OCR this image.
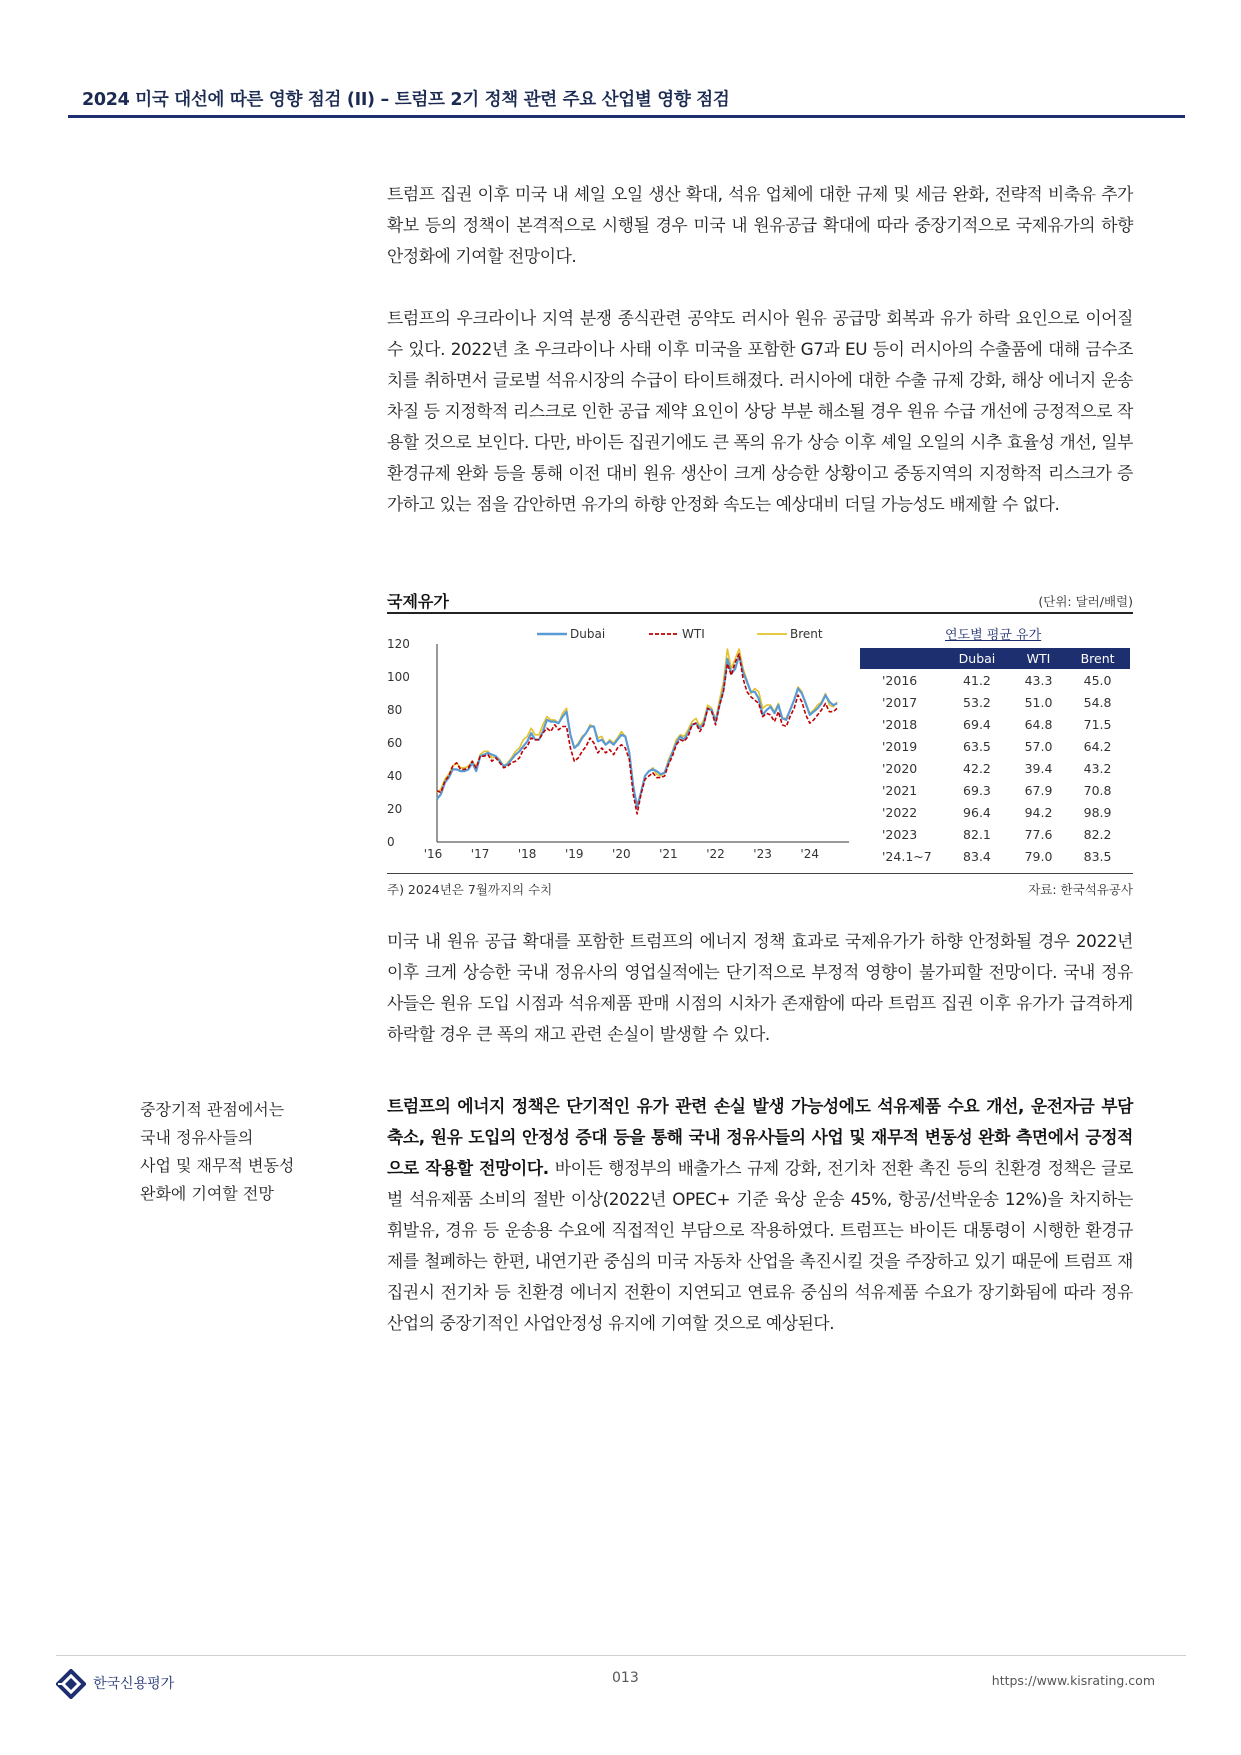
2024 미국 대선에 따른 영향 점검 (II) – 트럼프 2기 정책 관련 주요 산업별 영향 점검

트럼프 집권 이후 미국 내 셰일 오일 생산 확대, 석유 업체에 대한 규제 및 세금 완화, 전략적 비축유 추가 확보 등의 정책이 본격적으로 시행될 경우 미국 내 원유공급 확대에 따라 중장기적으로 국제유가의 하향 안정화에 기여할 전망이다.

트럼프의 우크라이나 지역 분쟁 종식관련 공약도 러시아 원유 공급망 회복과 유가 하락 요인으로 이어질 수 있다. 2022년 초 우크라이나 사태 이후 미국을 포함한 G7과 EU 등이 러시아의 수출품에 대해 금수조치를 취하면서 글로벌 석유시장의 수급이 타이트해졌다. 러시아에 대한 수출 규제 강화, 해상 에너지 운송 차질 등 지정학적 리스크로 인한 공급 제약 요인이 상당 부분 해소될 경우 원유 수급 개선에 긍정적으로 작용할 것으로 보인다. 다만, 바이든 집권기에도 큰 폭의 유가 상승 이후 셰일 오일의 시추 효율성 개선, 일부 환경규제 완화 등을 통해 이전 대비 원유 생산이 크게 상승한 상황이고 중동지역의 지정학적 리스크가 증가하고 있는 점을 감안하면 유가의 하향 안정화 속도는 예상대비 더딜 가능성도 배제할 수 없다.

국제유가	(단위: 달러/배럴)
0
20
40
60
80
100
120
'16 '17 '18 '19 '20 '21 '22 '23 '24
Dubai	WTI	Brent	연도별 평균 유가
	Dubai	WTI	Brent
'2016	41.2	43.3	45.0
'2017	53.2	51.0	54.8
'2018	69.4	64.8	71.5
'2019	63.5	57.0	64.2
'2020	42.2	39.4	43.2
'2021	69.3	67.9	70.8
'2022	96.4	94.2	98.9
'2023	82.1	77.6	82.2
'24.1~7	83.4	79.0	83.5
주) 2024년은 7월까지의 수치	자료: 한국석유공사

미국 내 원유 공급 확대를 포함한 트럼프의 에너지 정책 효과로 국제유가가 하향 안정화될 경우 2022년 이후 크게 상승한 국내 정유사의 영업실적에는 단기적으로 부정적 영향이 불가피할 전망이다. 국내 정유사들은 원유 도입 시점과 석유제품 판매 시점의 시차가 존재함에 따라 트럼프 집권 이후 유가가 급격하게 하락할 경우 큰 폭의 재고 관련 손실이 발생할 수 있다.

중장기적 관점에서는
국내 정유사들의
사업 및 재무적 변동성
완화에 기여할 전망

트럼프의 에너지 정책은 단기적인 유가 관련 손실 발생 가능성에도 석유제품 수요 개선, 운전자금 부담 축소, 원유 도입의 안정성 증대 등을 통해 국내 정유사들의 사업 및 재무적 변동성 완화 측면에서 긍정적으로 작용할 전망이다. 바이든 행정부의 배출가스 규제 강화, 전기차 전환 촉진 등의 친환경 정책은 글로벌 석유제품 소비의 절반 이상(2022년 OPEC+ 기준 육상 운송 45%, 항공/선박운송 12%)을 차지하는 휘발유, 경유 등 운송용 수요에 직접적인 부담으로 작용하였다. 트럼프는 바이든 대통령이 시행한 환경규제를 철폐하는 한편, 내연기관 중심의 미국 자동차 산업을 촉진시킬 것을 주장하고 있기 때문에 트럼프 재집권시 전기차 등 친환경 에너지 전환이 지연되고 연료유 중심의 석유제품 수요가 장기화됨에 따라 정유산업의 중장기적인 사업안정성 유지에 기여할 것으로 예상된다.

한국신용평가	013	https://www.kisrating.com
